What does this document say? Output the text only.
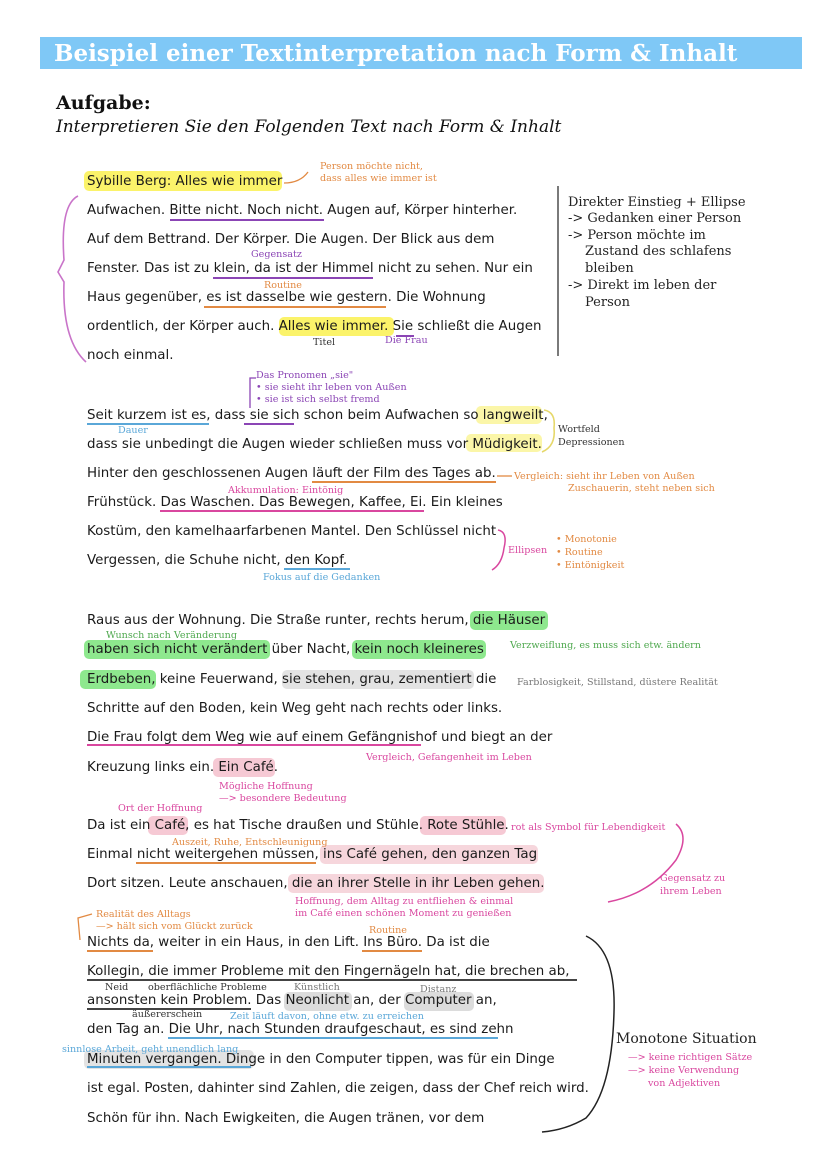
Beispiel einer Textinterpretation nach Form & Inhalt
Aufgabe:
Interpretieren Sie den Folgenden Text nach Form & Inhalt
Sybille Berg: Alles wie immer
Aufwachen. Bitte nicht. Noch nicht. Augen auf, Körper hinterher.
Auf dem Bettrand. Der Körper. Die Augen. Der Blick aus dem
Fenster. Das ist zu klein, da ist der Himmel nicht zu sehen. Nur ein
Haus gegenüber, es ist dasselbe wie gestern. Die Wohnung
ordentlich, der Körper auch. Alles wie immer. Sie schließt die Augen
noch einmal.
Seit kurzem ist es, dass sie sich schon beim Aufwachen so langweilt,
dass sie unbedingt die Augen wieder schließen muss vor Müdigkeit.
Hinter den geschlossenen Augen läuft der Film des Tages ab.
Frühstück. Das Waschen. Das Bewegen, Kaffee, Ei. Ein kleines
Kostüm, den kamelhaarfarbenen Mantel. Den Schlüssel nicht
Vergessen, die Schuhe nicht, den Kopf.
Raus aus der Wohnung. Die Straße runter, rechts herum, die Häuser
haben sich nicht verändert über Nacht, kein noch kleineres
Erdbeben, keine Feuerwand, sie stehen, grau, zementiert die
Schritte auf den Boden, kein Weg geht nach rechts oder links.
Die Frau folgt dem Weg wie auf einem Gefängnishof und biegt an der
Kreuzung links ein. Ein Café.
Da ist ein Café, es hat Tische draußen und Stühle. Rote Stühle.
Einmal nicht weitergehen müssen, ins Café gehen, den ganzen Tag
Dort sitzen. Leute anschauen, die an ihrer Stelle in ihr Leben gehen.
Nichts da, weiter in ein Haus, in den Lift. Ins Büro. Da ist die
Kollegin, die immer Probleme mit den Fingernägeln hat, die brechen ab,
ansonsten kein Problem. Das Neonlicht an, der Computer an,
den Tag an. Die Uhr, nach Stunden draufgeschaut, es sind zehn
Minuten vergangen. Dinge in den Computer tippen, was für ein Dinge
ist egal. Posten, dahinter sind Zahlen, die zeigen, dass der Chef reich wird.
Schön für ihn. Nach Ewigkeiten, die Augen tränen, vor dem
Person möchte nicht,
dass alles wie immer ist
Gegensatz
Routine
Titel	Die Frau
Das Pronomen „sie"
• sie sieht ihr leben von Außen
• sie ist sich selbst fremd
Dauer	Wortfeld
Depressionen
Vergleich: sieht ihr Leben von Außen
Zuschauerin, steht neben sich
Akkumulation: Eintönig
Ellipsen
• Monotonie
• Routine
• Eintönigkeit
Fokus auf die Gedanken
Wunsch nach Veränderung
Verzweiflung, es muss sich etw. ändern
Farblosigkeit, Stillstand, düstere Realität
Vergleich, Gefangenheit im Leben
Mögliche Hoffnung
—> besondere Bedeutung
Ort der Hoffnung
rot als Symbol für Lebendigkeit
Auszeit, Ruhe, Entschleunigung
Gegensatz zu
ihrem Leben
Hoffnung, dem Alltag zu entfliehen & einmal
im Café einen schönen Moment zu genießen
Realität des Alltags
—> hält sich vom Glückt zurück	Routine
Neid oberflächliche Probleme	Künstlich	Distanz
äußererschein	Zeit läuft davon, ohne etw. zu erreichen
sinnlose Arbeit, geht unendlich lang
Monotone Situation
—> keine richtigen Sätze
—> keine Verwendung
von Adjektiven
Direkter Einstieg + Ellipse
-> Gedanken einer Person
-> Person möchte im
Zustand des schlafens
bleiben
-> Direkt im leben der
Person
